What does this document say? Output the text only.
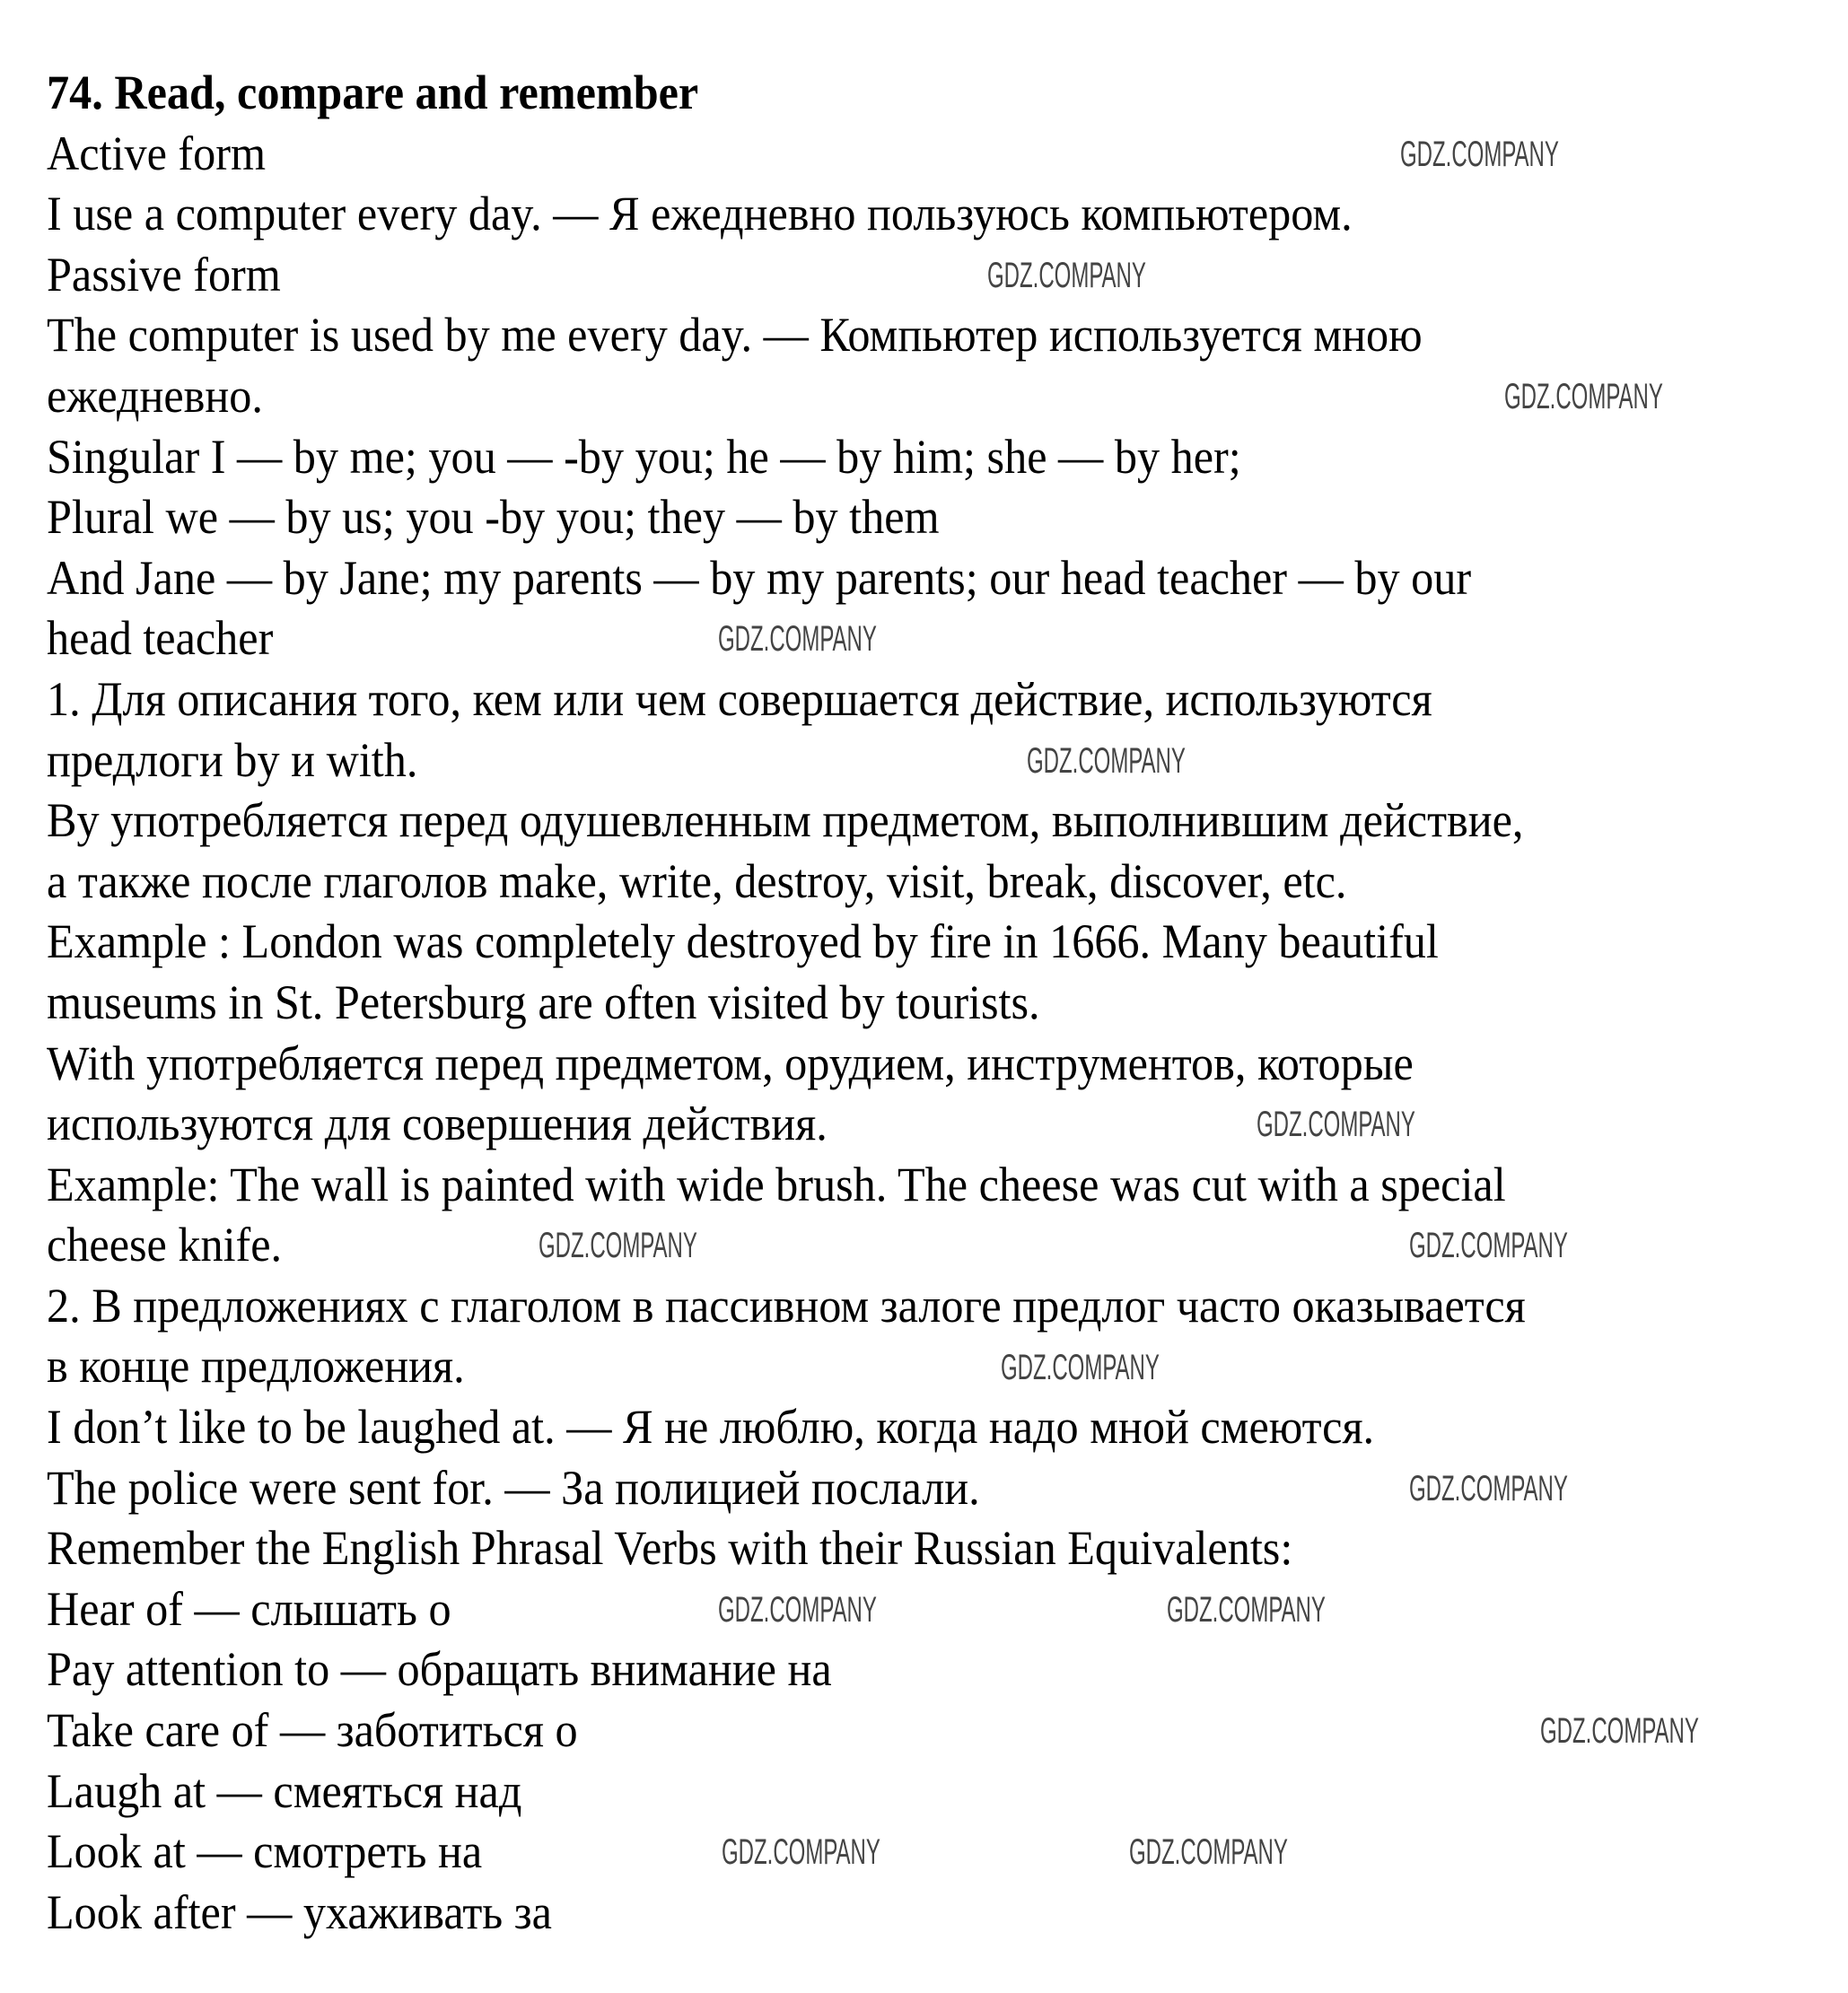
74. Read, compare and remember
Active form
I use a computer every day. — Я ежедневно пользуюсь компьютером.
Passive form
The computer is used by me every day. — Компьютер используется мною
ежедневно.
Singular I — by me; you — -by you; he — by him; she — by her;
Plural we — by us; you -by you; they — by them
And Jane — by Jane; my parents — by my parents; our head teacher — by our
head teacher
1. Для описания того, кем или чем совершается действие, используются
предлоги by и with.
By употребляется перед одушевленным предметом, выполнившим действие,
а также после глаголов make, write, destroy, visit, break, discover, etc.
Example : London was completely destroyed by fire in 1666. Many beautiful
museums in St. Petersburg are often visited by tourists.
With употребляется перед предметом, орудием, инструментов, которые
используются для совершения действия.
Example: The wall is painted with wide brush. The cheese was cut with a special
cheese knife.
2. В предложениях с глаголом в пассивном залоге предлог часто оказывается
в конце предложения.
I don’t like to be laughed at. — Я не люблю, когда надо мной смеются.
The police were sent for. — За полицией послали.
Remember the English Phrasal Verbs with their Russian Equivalents:
Hear of — слышать о
Pay attention to — обращать внимание на
Take care of — заботиться о
Laugh at — смеяться над
Look at — смотреть на
Look after — ухаживать за
GDZ.COMPANY
GDZ.COMPANY
GDZ.COMPANY
GDZ.COMPANY
GDZ.COMPANY
GDZ.COMPANY
GDZ.COMPANY	GDZ.COMPANY
GDZ.COMPANY
GDZ.COMPANY
GDZ.COMPANY	GDZ.COMPANY
GDZ.COMPANY
GDZ.COMPANY	GDZ.COMPANY
